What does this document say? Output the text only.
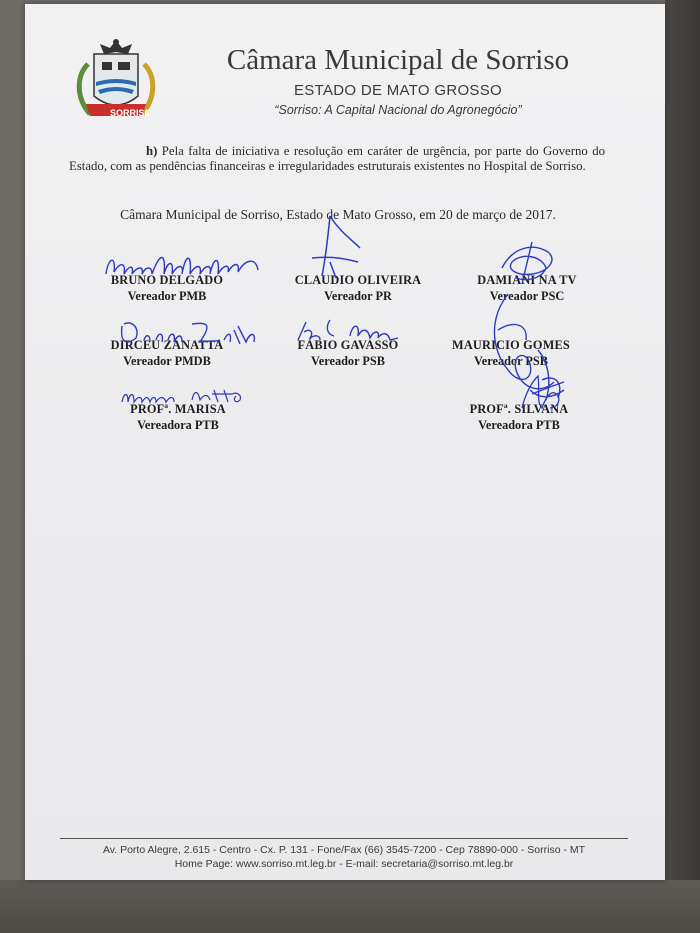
SORRISO
Câmara Municipal de Sorriso
ESTADO DE MATO GROSSO
“Sorriso: A Capital Nacional do Agronegócio”
h) Pela falta de iniciativa e resolução em caráter de urgência, por parte do Governo do Estado, com as pendências financeiras e irregularidades estruturais existentes no Hospital de Sorriso.
Câmara Municipal de Sorriso, Estado de Mato Grosso, em 20 de março de 2017.
BRUNO DELGADO
Vereador PMB
CLAUDIO OLIVEIRA
Vereador PR
DAMIANI NA TV
Vereador PSC
DIRCEU ZANATTA
Vereador PMDB
FÁBIO GAVASSO
Vereador PSB
MAURICIO GOMES
Vereador PSB
PROFª. MARISA
Vereadora PTB
PROFª. SILVANA
Vereadora PTB
Av. Porto Alegre, 2.615 - Centro - Cx. P. 131 - Fone/Fax (66) 3545-7200 - Cep 78890-000 - Sorriso - MT
Home Page: www.sorriso.mt.leg.br - E-mail: secretaria@sorriso.mt.leg.br
